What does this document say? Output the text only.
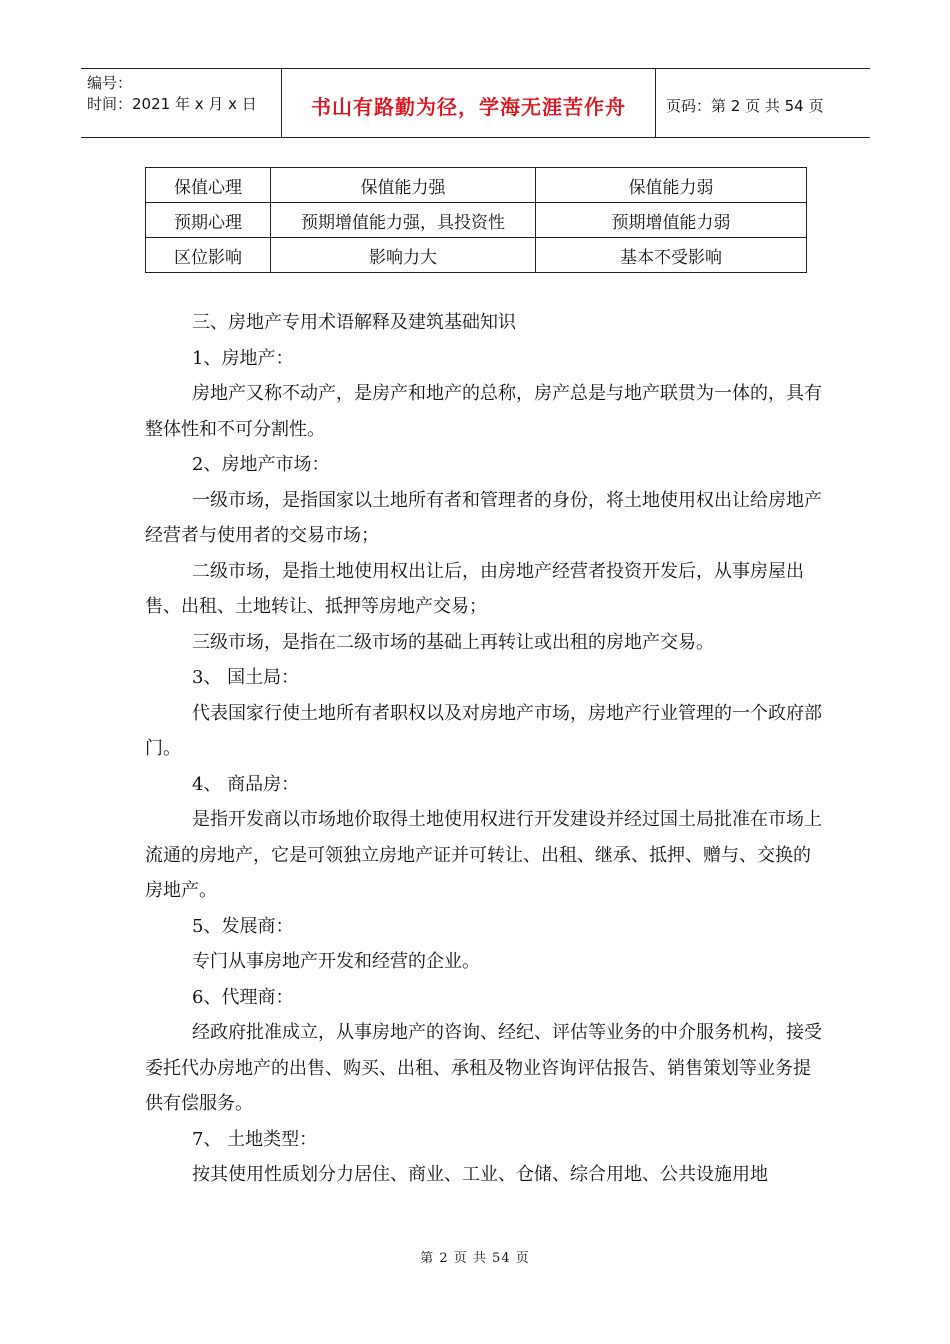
编号：
时间：2021 年 x 月 x 日	书山有路勤为径，学海无涯苦作舟	页码：第 2 页 共 54 页
保值心理	保值能力强	保值能力弱
预期心理	预期增值能力强，具投资性	预期增值能力弱
区位影响	影响力大	基本不受影响

三、房地产专用术语解释及建筑基础知识

1、房地产：

房地产又称不动产，是房产和地产的总称，房产总是与地产联贯为一体的，具有整体性和不可分割性。

2、房地产市场：

一级市场，是指国家以土地所有者和管理者的身份，将土地使用权出让给房地产经营者与使用者的交易市场；

二级市场，是指土地使用权出让后，由房地产经营者投资开发后，从事房屋出售、出租、土地转让、抵押等房地产交易；

三级市场，是指在二级市场的基础上再转让或出租的房地产交易。

3、 国土局：

代表国家行使土地所有者职权以及对房地产市场，房地产行业管理的一个政府部门。

4、 商品房：

是指开发商以市场地价取得土地使用权进行开发建设并经过国土局批准在市场上流通的房地产，它是可领独立房地产证并可转让、出租、继承、抵押、赠与、交换的房地产。

5、发展商：

专门从事房地产开发和经营的企业。

6、代理商：

经政府批准成立，从事房地产的咨询、经纪、评估等业务的中介服务机构，接受委托代办房地产的出售、购买、出租、承租及物业咨询评估报告、销售策划等业务提供有偿服务。

7、 土地类型：

按其使用性质划分力居住、商业、工业、仓储、综合用地、公共设施用地

第 2 页 共 54 页
